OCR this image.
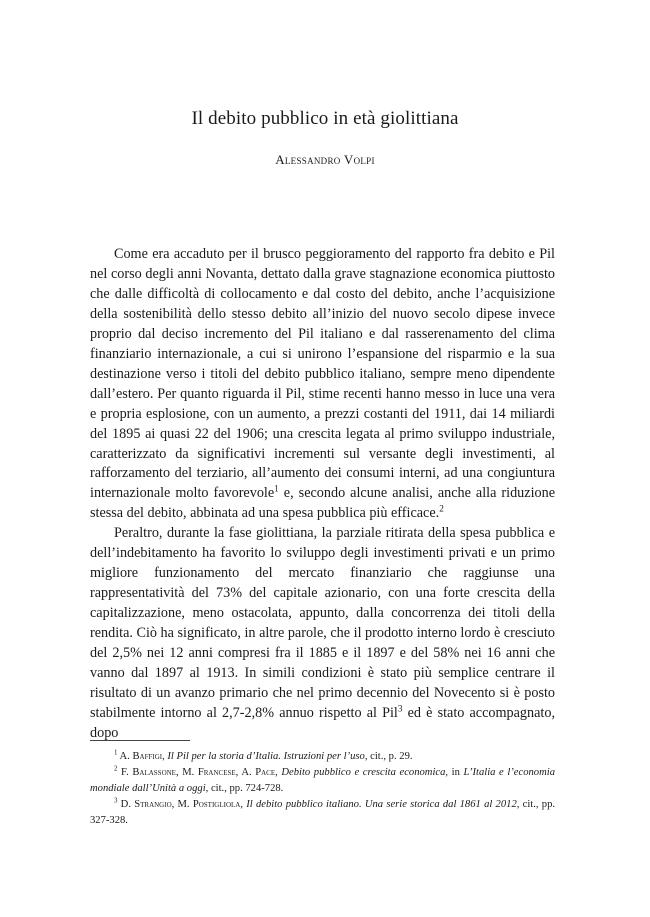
Il debito pubblico in età giolittiana
Alessandro Volpi

Come era accaduto per il brusco peggioramento del rapporto fra debito e Pil nel corso degli anni Novanta, dettato dalla grave stagnazione economica piuttosto che dalle difficoltà di collocamento e dal costo del debito, anche l’acquisizione della sostenibilità dello stesso debito all’inizio del nuovo secolo dipese invece proprio dal deciso incremento del Pil italiano e dal rasserenamento del clima finanziario internazionale, a cui si unirono l’espansione del risparmio e la sua destinazione verso i titoli del debito pubblico italiano, sempre meno dipendente dall’estero. Per quanto riguarda il Pil, stime recenti hanno messo in luce una vera e propria esplosione, con un aumento, a prezzi costanti del 1911, dai 14 miliardi del 1895 ai quasi 22 del 1906; una crescita legata al primo sviluppo industriale, caratterizzato da significativi incrementi sul versante degli investimenti, al rafforzamento del terziario, all’aumento dei consumi interni, ad una congiuntura internazionale molto favorevole$^1$ e, secondo alcune analisi, anche alla riduzione stessa del debito, abbinata ad una spesa pubblica più efficace.$^2$

Peraltro, durante la fase giolittiana, la parziale ritirata della spesa pubblica e dell’indebitamento ha favorito lo sviluppo degli investimenti privati e un primo migliore funzionamento del mercato finanziario che raggiunse una rappresentatività del 73% del capitale azionario, con una forte crescita della capitalizzazione, meno ostacolata, appunto, dalla concorrenza dei titoli della rendita. Ciò ha significato, in altre parole, che il prodotto interno lordo è cresciuto del 2,5% nei 12 anni compresi fra il 1885 e il 1897 e del 58% nei 16 anni che vanno dal 1897 al 1913. In simili condizioni è stato più semplice centrare il risultato di un avanzo primario che nel primo decennio del Novecento si è posto stabilmente intorno al 2,7-2,8% annuo rispetto al Pil$^3$ ed è stato accompagnato, dopo

$^1$ A. Baffigi, Il Pil per la storia d’Italia. Istruzioni per l’uso, cit., p. 29.

$^2$ F. Balassone, M. Francese, A. Pace, Debito pubblico e crescita economica, in L’Italia e l’economia mondiale dall’Unità a oggi, cit., pp. 724-728.

$^3$ D. Strangio, M. Postigliola, Il debito pubblico italiano. Una serie storica dal 1861 al 2012, cit., pp. 327-328.
